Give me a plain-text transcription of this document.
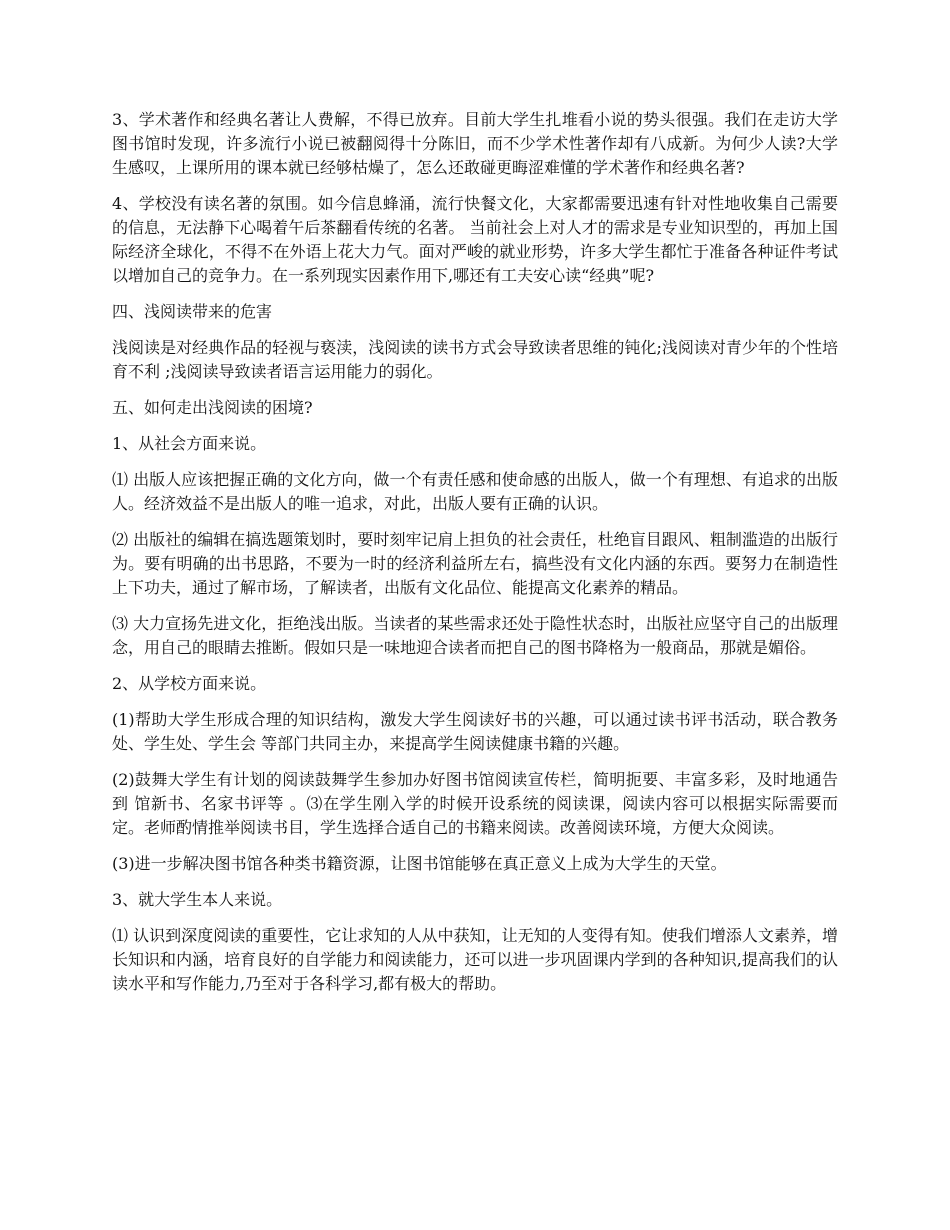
3、学术著作和经典名著让人费解，不得已放弃。目前大学生扎堆看小说的势头很强。我们在走访大学图书馆时发现，许多流行小说已被翻阅得十分陈旧，而不少学术性著作却有八成新。为何少人读?大学生感叹，上课所用的课本就已经够枯燥了，怎么还敢碰更晦涩难懂的学术著作和经典名著?

4、学校没有读名著的氛围。如今信息蜂涌，流行快餐文化，大家都需要迅速有针对性地收集自己需要的信息，无法静下心喝着午后茶翻看传统的名著。 当前社会上对人才的需求是专业知识型的，再加上国际经济全球化，不得不在外语上花大力气。面对严峻的就业形势，许多大学生都忙于准备各种证件考试以增加自己的竞争力。在一系列现实因素作用下,哪还有工夫安心读“经典”呢?

四、浅阅读带来的危害

浅阅读是对经典作品的轻视与亵渎，浅阅读的读书方式会导致读者思维的钝化;浅阅读对青少年的个性培育不利 ;浅阅读导致读者语言运用能力的弱化。

五、如何走出浅阅读的困境?

1、从社会方面来说。

⑴ 出版人应该把握正确的文化方向，做一个有责任感和使命感的出版人，做一个有理想、有追求的出版人。经济效益不是出版人的唯一追求，对此，出版人要有正确的认识。

⑵ 出版社的编辑在搞选题策划时，要时刻牢记肩上担负的社会责任，杜绝盲目跟风、粗制滥造的出版行为。要有明确的出书思路，不要为一时的经济利益所左右，搞些没有文化内涵的东西。要努力在制造性上下功夫，通过了解市场，了解读者，出版有文化品位、能提高文化素养的精品。

⑶ 大力宣扬先进文化，拒绝浅出版。当读者的某些需求还处于隐性状态时，出版社应坚守自己的出版理念，用自己的眼睛去推断。假如只是一味地迎合读者而把自己的图书降格为一般商品，那就是媚俗。

2、从学校方面来说。

(1)帮助大学生形成合理的知识结构，激发大学生阅读好书的兴趣，可以通过读书评书活动，联合教务处、学生处、学生会 等部门共同主办，来提高学生阅读健康书籍的兴趣。

(2)鼓舞大学生有计划的阅读鼓舞学生参加办好图书馆阅读宣传栏，简明扼要、丰富多彩，及时地通告到 馆新书、名家书评等 。⑶在学生刚入学的时候开设系统的阅读课，阅读内容可以根据实际需要而定。老师酌情推举阅读书目，学生选择合适自己的书籍来阅读。改善阅读环境，方便大众阅读。

(3)进一步解决图书馆各种类书籍资源，让图书馆能够在真正意义上成为大学生的天堂。

3、就大学生本人来说。

⑴ 认识到深度阅读的重要性，它让求知的人从中获知，让无知的人变得有知。使我们增添人文素养，增长知识和内涵，培育良好的自学能力和阅读能力，还可以进一步巩固课内学到的各种知识,提高我们的认读水平和写作能力,乃至对于各科学习,都有极大的帮助。
